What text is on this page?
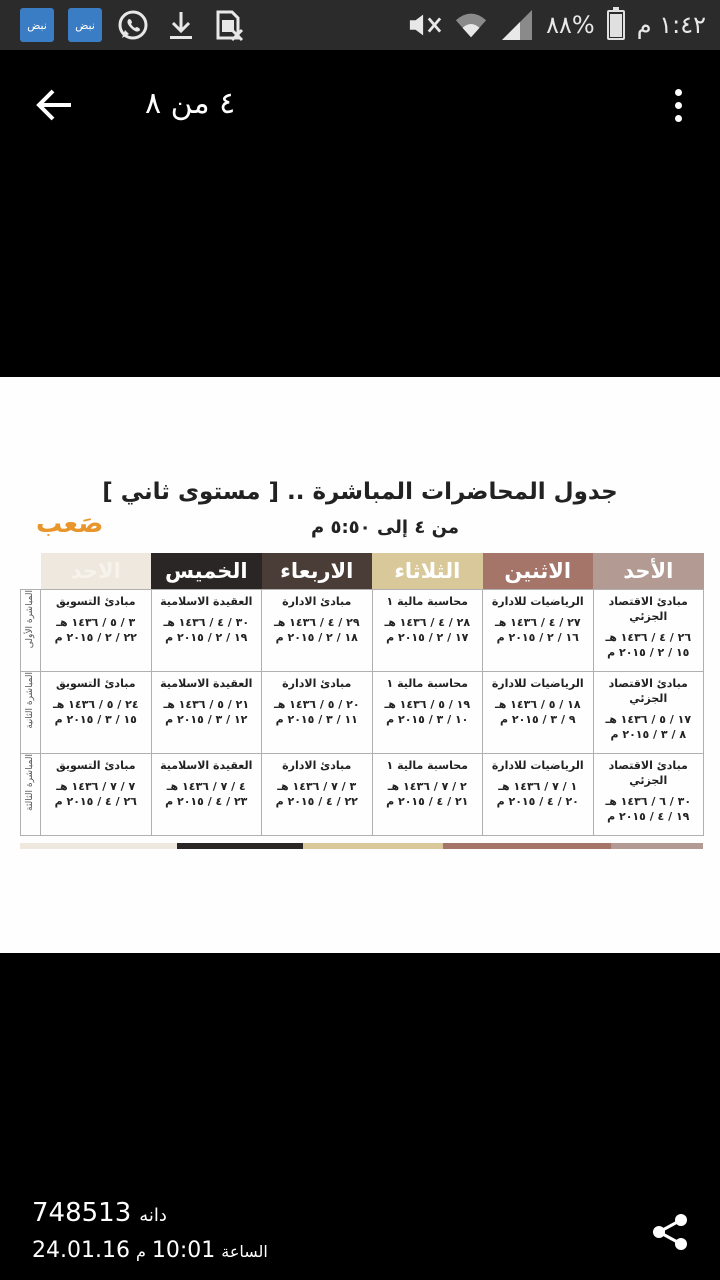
نبض	نبض	٨٨% ١:٤٢ م
٤ من ٨
جدول المحاضرات المباشرة .. [ مستوى ثاني ]
من ٤ إلى ٥:٥٠ م
صَعب
الأحد	الاثنين	الثلاثاء	الاربعاء	الخميس	الاحد	

مبادئ الاقتصاد الجزئي
٢٦ / ٤ / ١٤٣٦ هـ
١٥ / ٢ / ٢٠١٥ م	الرياضيات للادارة
٢٧ / ٤ / ١٤٣٦ هـ
١٦ / ٢ / ٢٠١٥ م	محاسبة مالية ١
٢٨ / ٤ / ١٤٣٦ هـ
١٧ / ٢ / ٢٠١٥ م	مبادئ الادارة
٢٩ / ٤ / ١٤٣٦ هـ
١٨ / ٢ / ٢٠١٥ م	العقيدة الاسلامية
٣٠ / ٤ / ١٤٣٦ هـ
١٩ / ٢ / ٢٠١٥ م	مبادئ التسويق
٣ / ٥ / ١٤٣٦ هـ
٢٢ / ٢ / ٢٠١٥ م	المباشرة الأولى

مبادئ الاقتصاد الجزئي
١٧ / ٥ / ١٤٣٦ هـ
٨ / ٣ / ٢٠١٥ م	الرياضيات للادارة
١٨ / ٥ / ١٤٣٦ هـ
٩ / ٣ / ٢٠١٥ م	محاسبة مالية ١
١٩ / ٥ / ١٤٣٦ هـ
١٠ / ٣ / ٢٠١٥ م	مبادئ الادارة
٢٠ / ٥ / ١٤٣٦ هـ
١١ / ٣ / ٢٠١٥ م	العقيدة الاسلامية
٢١ / ٥ / ١٤٣٦ هـ
١٢ / ٣ / ٢٠١٥ م	مبادئ التسويق
٢٤ / ٥ / ١٤٣٦ هـ
١٥ / ٣ / ٢٠١٥ م	المباشرة الثانية

مبادئ الاقتصاد الجزئي
٣٠ / ٦ / ١٤٣٦ هـ
١٩ / ٤ / ٢٠١٥ م	الرياضيات للادارة
١ / ٧ / ١٤٣٦ هـ
٢٠ / ٤ / ٢٠١٥ م	محاسبة مالية ١
٢ / ٧ / ١٤٣٦ هـ
٢١ / ٤ / ٢٠١٥ م	مبادئ الادارة
٣ / ٧ / ١٤٣٦ هـ
٢٢ / ٤ / ٢٠١٥ م	العقيدة الاسلامية
٤ / ٧ / ١٤٣٦ هـ
٢٣ / ٤ / ٢٠١٥ م	مبادئ التسويق
٧ / ٧ / ١٤٣٦ هـ
٢٦ / ٤ / ٢٠١٥ م	المباشرة الثالثة
748513 دانه
24.01.16	الساعة10:01م
